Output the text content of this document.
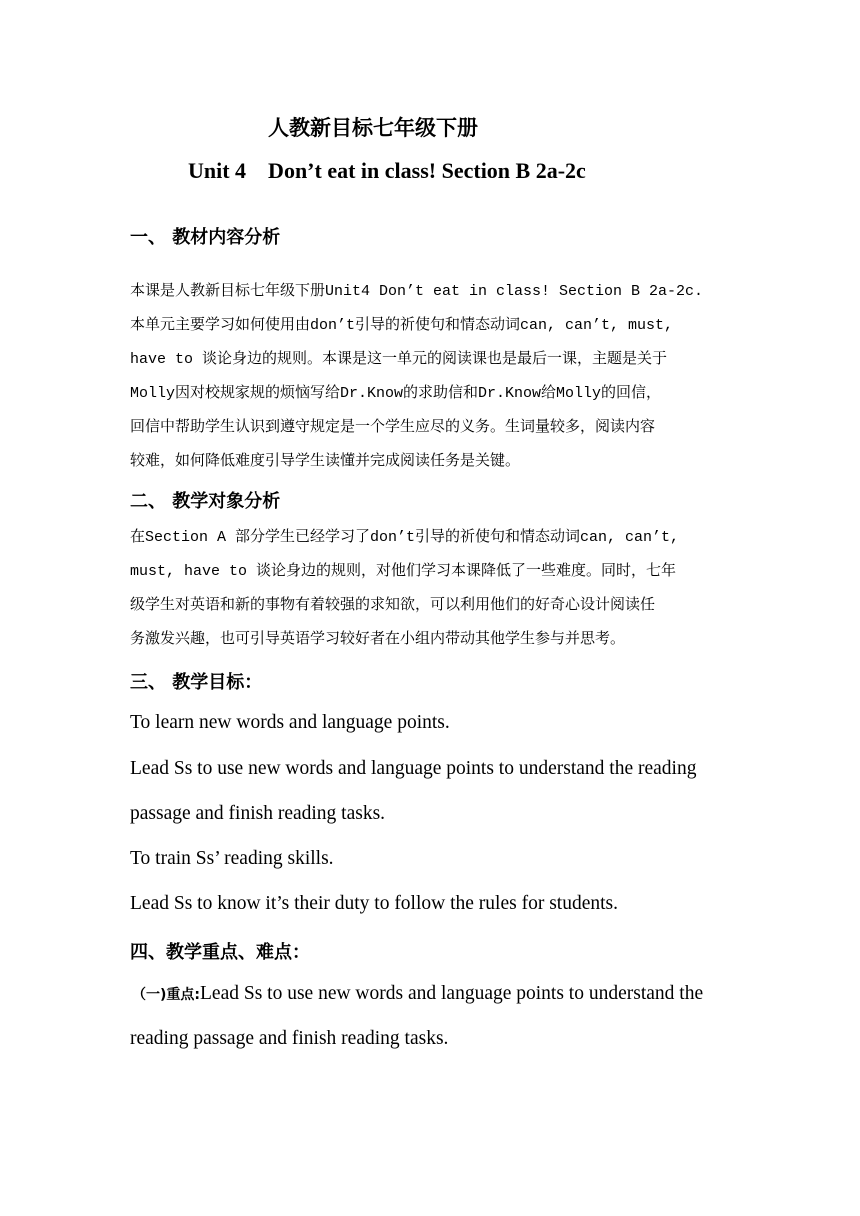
人教新目标七年级下册
Unit 4    Don’t eat in class! Section B 2a-2c
一、 教材内容分析
本课是人教新目标七年级下册Unit4 Don’t eat in class! Section B 2a-2c.
本单元主要学习如何使用由don’t引导的祈使句和情态动词can, can’t, must,
have to 谈论身边的规则。本课是这一单元的阅读课也是最后一课，主题是关于
Molly因对校规家规的烦恼写给Dr.Know的求助信和Dr.Know给Molly的回信，
回信中帮助学生认识到遵守规定是一个学生应尽的义务。生词量较多，阅读内容
较难，如何降低难度引导学生读懂并完成阅读任务是关键。
二、 教学对象分析
在Section A 部分学生已经学习了don’t引导的祈使句和情态动词can, can’t,
must, have to 谈论身边的规则，对他们学习本课降低了一些难度。同时，七年
级学生对英语和新的事物有着较强的求知欲，可以利用他们的好奇心设计阅读任
务激发兴趣，也可引导英语学习较好者在小组内带动其他学生参与并思考。
三、 教学目标：
To learn new words and language points.
Lead Ss to use new words and language points to understand the reading
passage and finish reading tasks.
To train Ss’ reading skills.
Lead Ss to know it’s their duty to follow the rules for students.
四、教学重点、难点：
（一)重点:Lead Ss to use new words and language points to understand the
reading passage and finish reading tasks.
